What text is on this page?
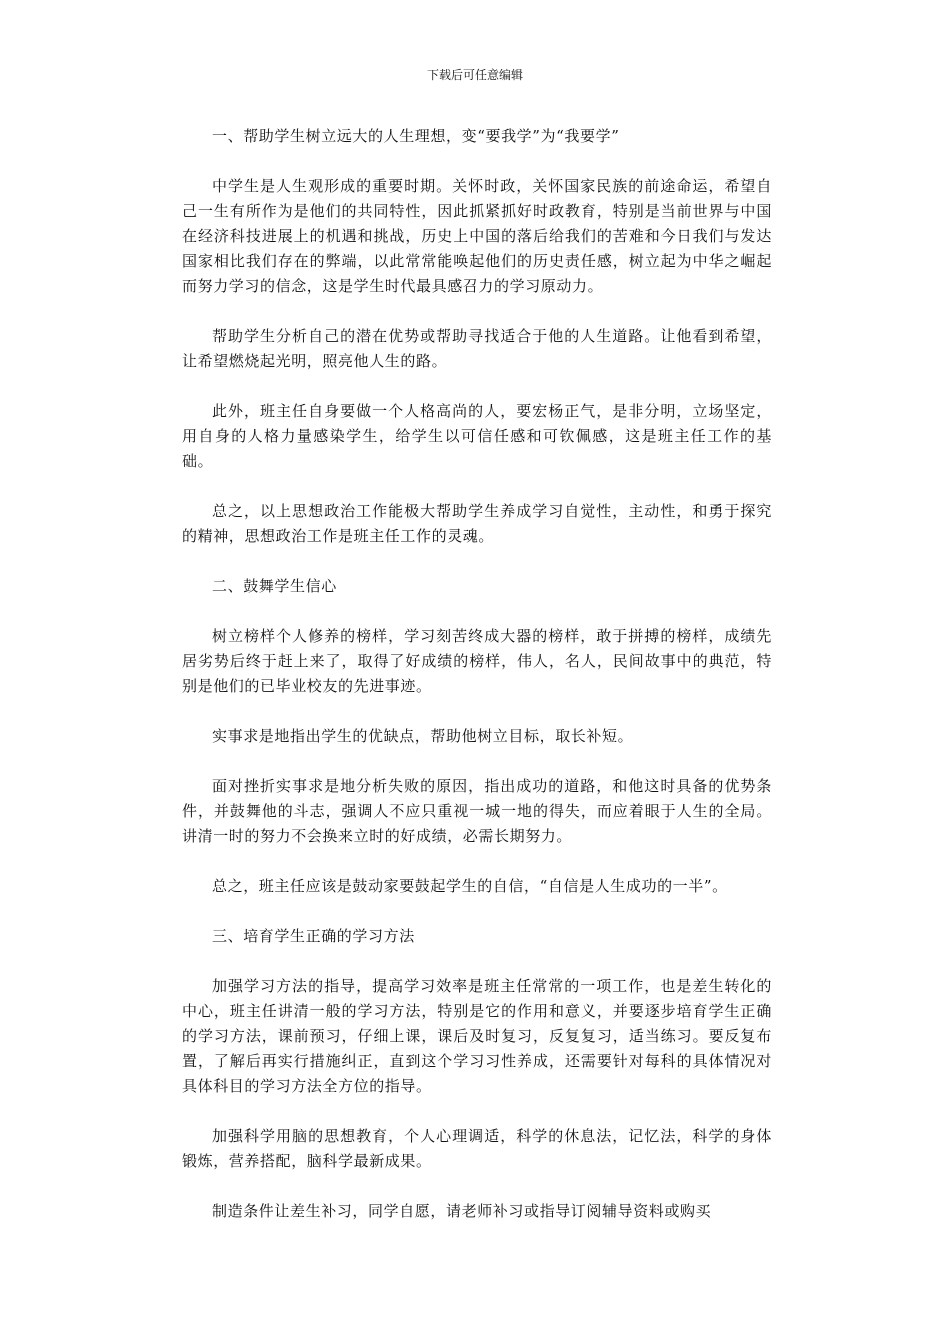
下载后可任意编辑

一、帮助学生树立远大的人生理想，变“要我学”为“我要学”

中学生是人生观形成的重要时期。关怀时政，关怀国家民族的前途命运，希望自己一生有所作为是他们的共同特性，因此抓紧抓好时政教育，特别是当前世界与中国在经济科技进展上的机遇和挑战，历史上中国的落后给我们的苦难和今日我们与发达国家相比我们存在的弊端，以此常常能唤起他们的历史责任感，树立起为中华之崛起而努力学习的信念，这是学生时代最具感召力的学习原动力。

帮助学生分析自己的潜在优势或帮助寻找适合于他的人生道路。让他看到希望，让希望燃烧起光明，照亮他人生的路。

此外，班主任自身要做一个人格高尚的人，要宏杨正气，是非分明，立场坚定，用自身的人格力量感染学生，给学生以可信任感和可钦佩感，这是班主任工作的基础。

总之，以上思想政治工作能极大帮助学生养成学习自觉性，主动性，和勇于探究的精神，思想政治工作是班主任工作的灵魂。

二、鼓舞学生信心

树立榜样个人修养的榜样，学习刻苦终成大器的榜样，敢于拼搏的榜样，成绩先居劣势后终于赶上来了，取得了好成绩的榜样，伟人，名人，民间故事中的典范，特别是他们的已毕业校友的先进事迹。

实事求是地指出学生的优缺点，帮助他树立目标，取长补短。

面对挫折实事求是地分析失败的原因，指出成功的道路，和他这时具备的优势条件，并鼓舞他的斗志，强调人不应只重视一城一地的得失，而应着眼于人生的全局。讲清一时的努力不会换来立时的好成绩，必需长期努力。

总之，班主任应该是鼓动家要鼓起学生的自信，“自信是人生成功的一半”。

三、培育学生正确的学习方法

加强学习方法的指导，提高学习效率是班主任常常的一项工作，也是差生转化的中心，班主任讲清一般的学习方法，特别是它的作用和意义，并要逐步培育学生正确的学习方法，课前预习，仔细上课，课后及时复习，反复复习，适当练习。要反复布置，了解后再实行措施纠正，直到这个学习习性养成，还需要针对每科的具体情况对具体科目的学习方法全方位的指导。

加强科学用脑的思想教育，个人心理调适，科学的休息法，记忆法，科学的身体锻炼，营养搭配，脑科学最新成果。

制造条件让差生补习，同学自愿，请老师补习或指导订阅辅导资料或购买
